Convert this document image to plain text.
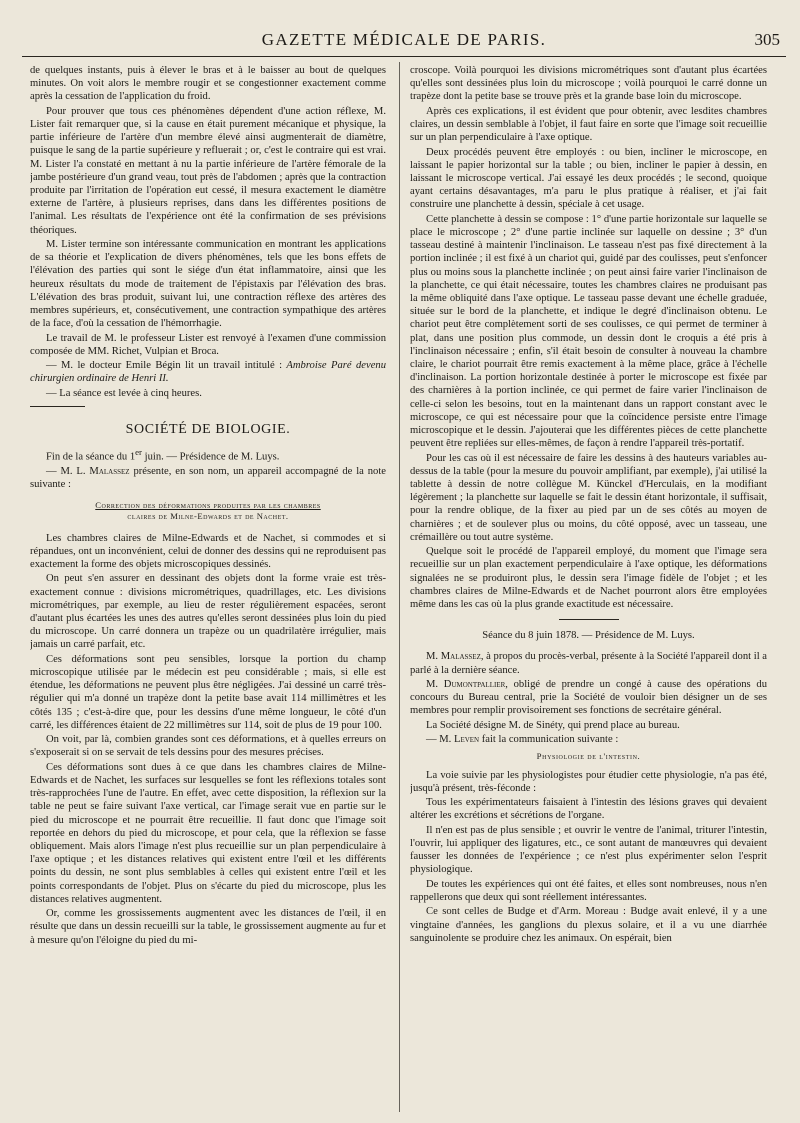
GAZETTE MÉDICALE DE PARIS.	305

de quelques instants, puis à élever le bras et à le baisser au bout de quelques minutes. On voit alors le membre rougir et se congestionner exactement comme après la cessation de l'application du froid.

Pour prouver que tous ces phénomènes dépendent d'une action réflexe, M. Lister fait remarquer que, si la cause en était purement mécanique et physique, la partie inférieure de l'artère d'un membre élevé ainsi augmenterait de diamètre, puisque le sang de la partie supérieure y refluerait ; or, c'est le contraire qui est vrai. M. Lister l'a constaté en mettant à nu la partie inférieure de l'artère fémorale de la jambe postérieure d'un grand veau, tout près de l'abdomen ; après que la contraction produite par l'irritation de l'opération eut cessé, il mesura exactement le diamètre externe de l'artère, à plusieurs reprises, dans dans les différentes positions de l'animal. Les résultats de l'expérience ont été la confirmation de ses prévisions théoriques.

M. Lister termine son intéressante communication en montrant les applications de sa théorie et l'explication de divers phénomènes, tels que les bons effets de l'élévation des parties qui sont le siége d'un état inflammatoire, ainsi que les heureux résultats du mode de traitement de l'épistaxis par l'élévation des bras. L'élévation des bras produit, suivant lui, une contraction réflexe des artères des membres supérieurs, et, consécutivement, une contraction sympathique des artères de la face, d'où la cessation de l'hémorrhagie.

Le travail de M. le professeur Lister est renvoyé à l'examen d'une commission composée de MM. Richet, Vulpian et Broca.

— M. le docteur Emile Bégin lit un travail intitulé : Ambroise Paré devenu chirurgien ordinaire de Henri II.

— La séance est levée à cinq heures.

SOCIÉTÉ DE BIOLOGIE.

Fin de la séance du 1er juin. — Présidence de M. Luys.

— M. L. Malassez présente, en son nom, un appareil accompagné de la note suivante :

Correction des déformations produites par les chambres
claires de Milne-Edwards et de Nachet.

Les chambres claires de Milne-Edwards et de Nachet, si commodes et si répandues, ont un inconvénient, celui de donner des dessins qui ne reproduisent pas exactement la forme des objets microscopiques dessinés.

On peut s'en assurer en dessinant des objets dont la forme vraie est très-exactement connue : divisions micrométriques, quadrillages, etc. Les divisions micrométriques, par exemple, au lieu de rester régulièrement espacées, seront d'autant plus écartées les unes des autres qu'elles seront dessinées plus loin du pied du microscope. Un carré donnera un trapèze ou un quadrilatère irrégulier, mais jamais un carré parfait, etc.

Ces déformations sont peu sensibles, lorsque la portion du champ microscopique utilisée par le médecin est peu considérable ; mais, si elle est étendue, les déformations ne peuvent plus être négligées. J'ai dessiné un carré très-régulier qui m'a donné un trapèze dont la petite base avait 114 millimètres et les côtés 135 ; c'est-à-dire que, pour les dessins d'une même longueur, le côté d'un carré, les différences étaient de 22 millimètres sur 114, soit de plus de 19 pour 100.

On voit, par là, combien grandes sont ces déformations, et à quelles erreurs on s'exposerait si on se servait de tels dessins pour des mesures précises.

Ces déformations sont dues à ce que dans les chambres claires de Milne-Edwards et de Nachet, les surfaces sur lesquelles se font les réflexions totales sont très-rapprochées l'une de l'autre. En effet, avec cette disposition, la réflexion sur la table ne peut se faire suivant l'axe vertical, car l'image serait vue en partie sur le pied du microscope et ne pourrait être recueillie. Il faut donc que l'image soit reportée en dehors du pied du microscope, et pour cela, que la réflexion se fasse obliquement. Mais alors l'image n'est plus recueillie sur un plan perpendiculaire à l'axe optique ; et les distances relatives qui existent entre l'œil et les différents points du dessin, ne sont plus semblables à celles qui existent entre l'œil et les points correspondants de l'objet. Plus on s'écarte du pied du microscope, plus les distances relatives augmentent.

Or, comme les grossissements augmentent avec les distances de l'œil, il en résulte que dans un dessin recueilli sur la table, le grossissement augmente au fur et à mesure qu'on l'éloigne du pied du mi-

croscope. Voilà pourquoi les divisions micrométriques sont d'autant plus écartées qu'elles sont dessinées plus loin du microscope ; voilà pourquoi le carré donne un trapèze dont la petite base se trouve près et la grande base loin du microscope.

Après ces explications, il est évident que pour obtenir, avec lesdites chambres claires, un dessin semblable à l'objet, il faut faire en sorte que l'image soit recueillie sur un plan perpendiculaire à l'axe optique.

Deux procédés peuvent être employés : ou bien, incliner le microscope, en laissant le papier horizontal sur la table ; ou bien, incliner le papier à dessin, en laissant le microscope vertical. J'ai essayé les deux procédés ; le second, quoique ayant certains désavantages, m'a paru le plus pratique à réaliser, et j'ai fait construire une planchette à dessin, spéciale à cet usage.

Cette planchette à dessin se compose : 1° d'une partie horizontale sur laquelle se place le microscope ; 2° d'une partie inclinée sur laquelle on dessine ; 3° d'un tasseau destiné à maintenir l'inclinaison. Le tasseau n'est pas fixé directement à la portion inclinée ; il est fixé à un chariot qui, guidé par des coulisses, peut s'enfoncer plus ou moins sous la planchette inclinée ; on peut ainsi faire varier l'inclinaison de la planchette, ce qui était nécessaire, toutes les chambres claires ne produisant pas la même obliquité dans l'axe optique. Le tasseau passe devant une échelle graduée, située sur le bord de la planchette, et indique le degré d'inclinaison obtenu. Le chariot peut être complètement sorti de ses coulisses, ce qui permet de terminer à plat, dans une position plus commode, un dessin dont le croquis a été pris à l'inclinaison nécessaire ; enfin, s'il était besoin de consulter à nouveau la chambre claire, le chariot pourrait être remis exactement à la même place, grâce à l'échelle d'inclinaison. La portion horizontale destinée à porter le microscope est fixée par des charnières à la portion inclinée, ce qui permet de faire varier l'inclinaison de celle-ci selon les besoins, tout en la maintenant dans un rapport constant avec le microscope, ce qui est nécessaire pour que la coïncidence persiste entre l'image microscopique et le dessin. J'ajouterai que les différentes pièces de cette planchette peuvent être repliées sur elles-mêmes, de façon à rendre l'appareil très-portatif.

Pour les cas où il est nécessaire de faire les dessins à des hauteurs variables au-dessus de la table (pour la mesure du pouvoir amplifiant, par exemple), j'ai utilisé la tablette à dessin de notre collègue M. Künckel d'Herculais, en la modifiant légèrement ; la planchette sur laquelle se fait le dessin étant horizontale, il suffisait, pour la rendre oblique, de la fixer au pied par un de ses côtés au moyen de charnières ; et de soulever plus ou moins, du côté opposé, avec un tasseau, une crémaillère ou tout autre système.

Quelque soit le procédé de l'appareil employé, du moment que l'image sera recueillie sur un plan exactement perpendiculaire à l'axe optique, les déformations signalées ne se produiront plus, le dessin sera l'image fidèle de l'objet ; et les chambres claires de Milne-Edwards et de Nachet pourront alors être employées même dans les cas où la plus grande exactitude est nécessaire.

Séance du 8 juin 1878. — Présidence de M. Luys.

M. Malassez, à propos du procès-verbal, présente à la Société l'appareil dont il a parlé à la dernière séance.

M. Dumontpallier, obligé de prendre un congé à cause des opérations du concours du Bureau central, prie la Société de vouloir bien désigner un de ses membres pour remplir provisoirement ses fonctions de secrétaire général.

La Société désigne M. de Sinéty, qui prend place au bureau.

— M. Leven fait la communication suivante :

Physiologie de l'intestin.

La voie suivie par les physiologistes pour étudier cette physiologie, n'a pas été, jusqu'à présent, très-féconde :

Tous les expérimentateurs faisaient à l'intestin des lésions graves qui devaient altérer les excrétions et sécrétions de l'organe.

Il n'en est pas de plus sensible ; et ouvrir le ventre de l'animal, triturer l'intestin, l'ouvrir, lui appliquer des ligatures, etc., ce sont autant de manœuvres qui devaient fausser les données de l'expérience ; ce n'est plus expérimenter selon l'esprit physiologique.

De toutes les expériences qui ont été faites, et elles sont nombreuses, nous n'en rappellerons que deux qui sont réellement intéressantes.

Ce sont celles de Budge et d'Arm. Moreau : Budge avait enlevé, il y a une vingtaine d'années, les ganglions du plexus solaire, et il a vu une diarrhée sanguinolente se produire chez les animaux. On espérait, bien
